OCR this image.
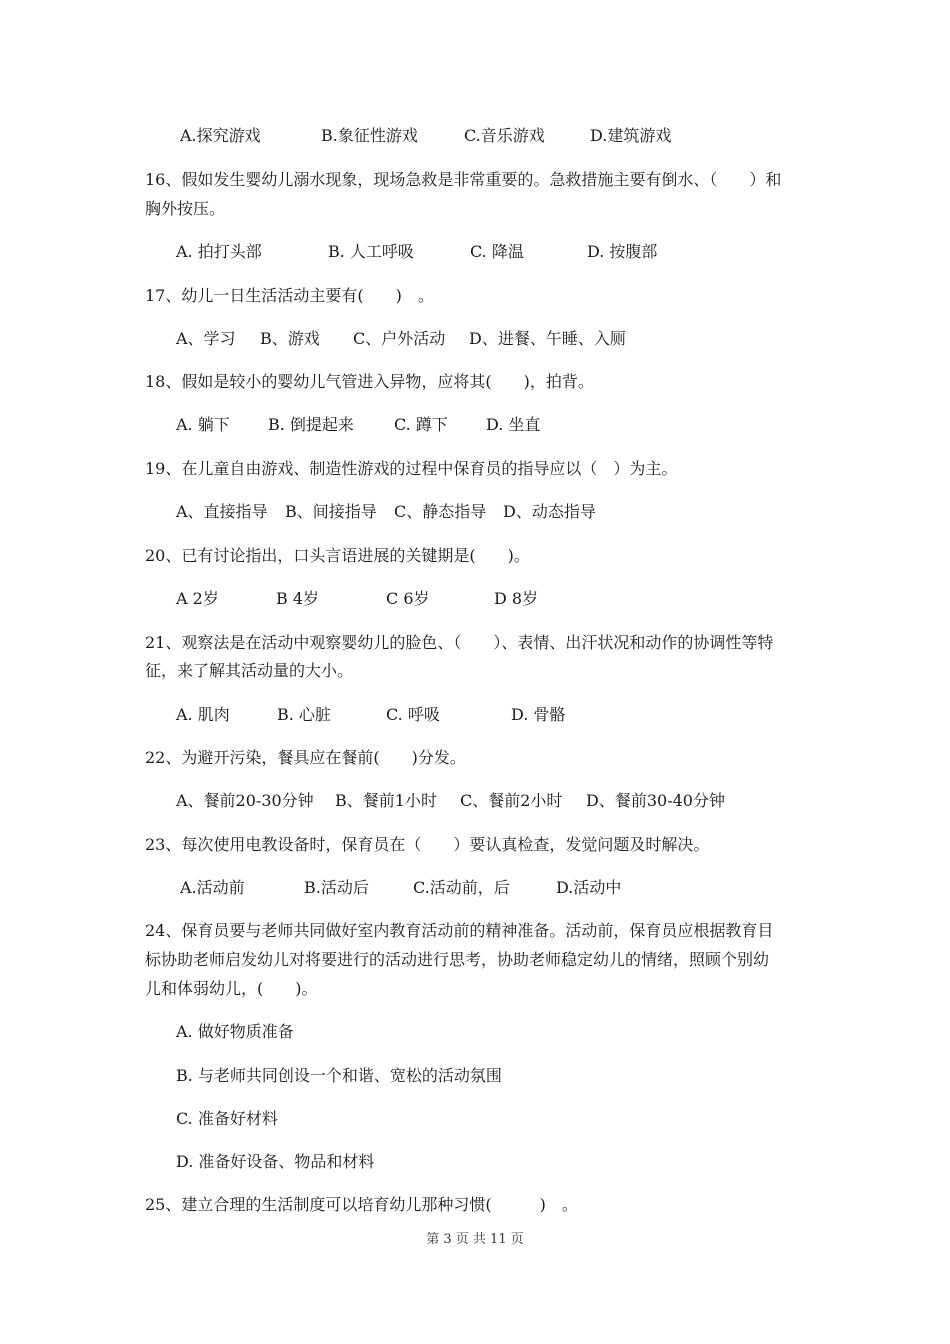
A.探究游戏	B.象征性游戏	C.音乐游戏	D.建筑游戏
16、假如发生婴幼儿溺水现象，现场急救是非常重要的。急救措施主要有倒水、（　　）和
胸外按压。
A. 拍打头部	B. 人工呼吸	C. 降温	D. 按腹部
17、幼儿一日生活活动主要有(　　)　。
A、学习 B、游戏 C、户外活动 D、进餐、午睡、入厕
18、假如是较小的婴幼儿气管进入异物，应将其(　　)，拍背。
A. 躺下 B. 倒提起来	C. 蹲下 D. 坐直
19、在儿童自由游戏、制造性游戏的过程中保育员的指导应以（　）为主。
A、直接指导 B、间接指导 C、静态指导 D、动态指导
20、已有讨论指出，口头言语进展的关键期是(　　)。
A 2岁	B 4岁	C 6岁	D 8岁
21、观察法是在活动中观察婴幼儿的脸色、（　　）、表情、出汗状况和动作的协调性等特
征，来了解其活动量的大小。
A. 肌肉	B. 心脏	C. 呼吸	D. 骨骼
22、为避开污染，餐具应在餐前(　　)分发。
A、餐前20-30分钟 B、餐前1小时 C、餐前2小时 D、餐前30-40分钟
23、每次使用电教设备时，保育员在（　　）要认真检查，发觉问题及时解决。
A.活动前	B.活动后	C.活动前，后	D.活动中
24、保育员要与老师共同做好室内教育活动前的精神准备。活动前，保育员应根据教育目
标协助老师启发幼儿对将要进行的活动进行思考，协助老师稳定幼儿的情绪，照顾个别幼
儿和体弱幼儿，(　　)。
A. 做好物质准备
B. 与老师共同创设一个和谐、宽松的活动氛围
C. 准备好材料
D. 准备好设备、物品和材料
25、建立合理的生活制度可以培育幼儿那种习惯(　　　)　。
第 3 页 共 11 页
